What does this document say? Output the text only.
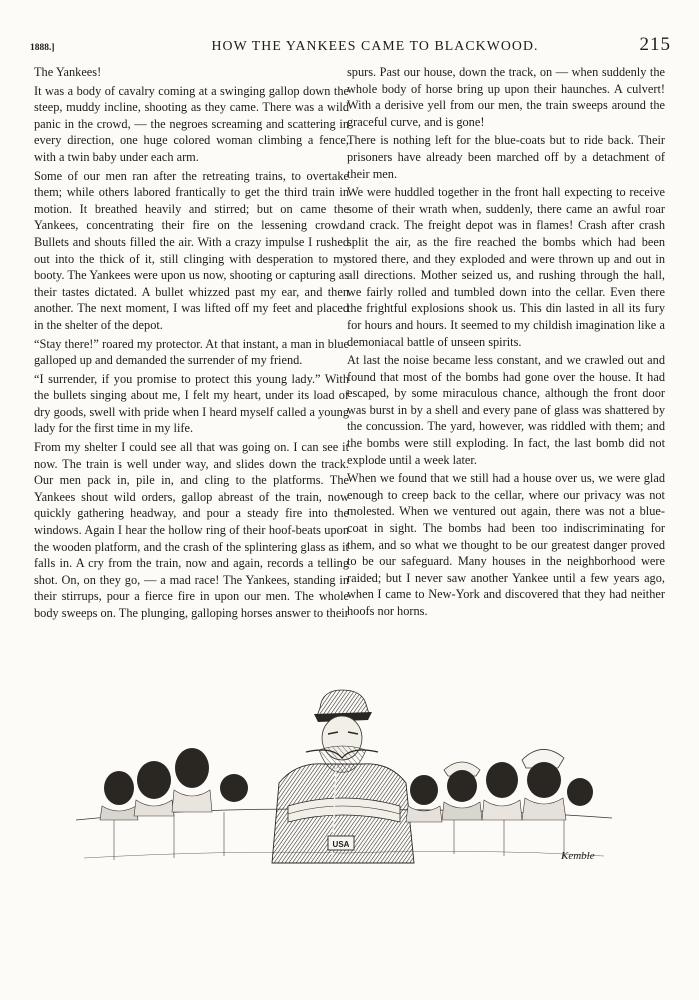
1888.]	HOW THE YANKEES CAME TO BLACKWOOD.	215

The Yankees!

It was a body of cavalry coming at a swinging gallop down the steep, muddy incline, shooting as they came. There was a wild panic in the crowd, — the negroes screaming and scattering in every direction, one huge colored woman climbing a fence, with a twin baby under each arm.

Some of our men ran after the retreating trains, to overtake them; while others labored frantically to get the third train in motion. It breathed heavily and stirred; but on came the Yankees, concentrating their fire on the lessening crowd. Bullets and shouts filled the air. With a crazy impulse I rushed out into the thick of it, still clinging with desperation to my booty. The Yankees were upon us now, shooting or capturing as their tastes dictated. A bullet whizzed past my ear, and then another. The next moment, I was lifted off my feet and placed in the shelter of the depot.

“Stay there!” roared my protector. At that instant, a man in blue galloped up and demanded the surrender of my friend.

“I surrender, if you promise to protect this young lady.” With the bullets singing about me, I felt my heart, under its load of dry goods, swell with pride when I heard myself called a young lady for the first time in my life.

From my shelter I could see all that was going on. I can see it now. The train is well under way, and slides down the track. Our men pack in, pile in, and cling to the platforms. The Yankees shout wild orders, gallop abreast of the train, now quickly gathering headway, and pour a steady fire into the windows. Again I hear the hollow ring of their hoof-beats upon the wooden platform, and the crash of the splintering glass as it falls in. A cry from the train, now and again, records a telling shot. On, on they go, — a mad race! The Yankees, standing in their stirrups, pour a fierce fire in upon our men. The whole body sweeps on. The plunging, galloping horses answer to their

spurs. Past our house, down the track, on — when suddenly the whole body of horse bring up upon their haunches. A culvert! With a derisive yell from our men, the train sweeps around the graceful curve, and is gone!

There is nothing left for the blue-coats but to ride back. Their prisoners have already been marched off by a detachment of their men.

We were huddled together in the front hall expecting to receive some of their wrath when, suddenly, there came an awful roar and crack. The freight depot was in flames! Crash after crash split the air, as the fire reached the bombs which had been stored there, and they exploded and were thrown up and out in all directions. Mother seized us, and rushing through the hall, we fairly rolled and tumbled down into the cellar. Even there the frightful explosions shook us. This din lasted in all its fury for hours and hours. It seemed to my childish imagination like a demoniacal battle of unseen spirits.

At last the noise became less constant, and we crawled out and found that most of the bombs had gone over the house. It had escaped, by some miraculous chance, although the front door was burst in by a shell and every pane of glass was shattered by the concussion. The yard, however, was riddled with them; and the bombs were still exploding. In fact, the last bomb did not explode until a week later.

When we found that we still had a house over us, we were glad enough to creep back to the cellar, where our privacy was not molested. When we ventured out again, there was not a blue-coat in sight. The bombs had been too indiscriminating for them, and so what we thought to be our greatest danger proved to be our safeguard. Many houses in the neighborhood were raided; but I never saw another Yankee until a few years ago, when I came to New-York and discovered that they had neither hoofs nor horns.

USA
Kemble
